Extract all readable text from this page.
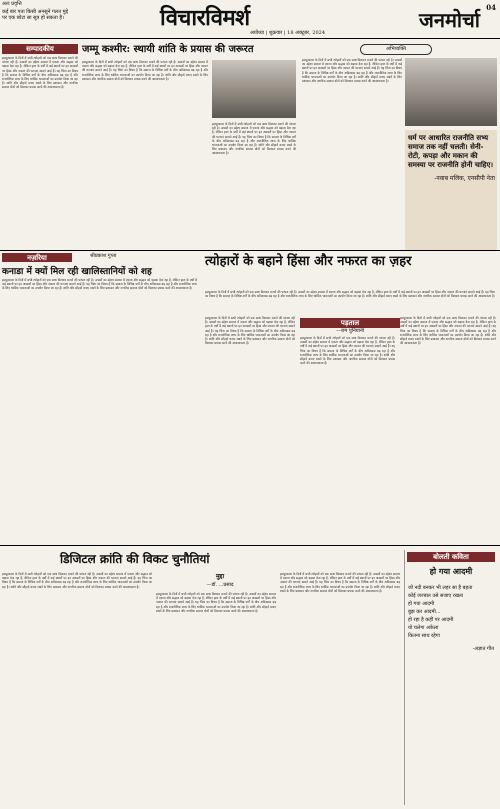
अतः प्रवृत्ति
कई बार पता किसी अनसुने गलत मुद्दे पर एक छोटा सा सूत्र हो सकता है।	विचारविमर्श	जनमोर्चा
04
अयोध्या | शुक्रवार | 18 अक्टूबर, 2024
सम्पादकीय
इसपुरकाल के दिनों में सभी त्योहारों को एक साथ मिलकर मनाने की परंपरा रही है। उत्सवों का उद्देश्य समाज में एकता और सद्भाव को बढ़ावा देना रहा है, लेकिन हाल के वर्षों में कई स्थानों पर इन अवसरों पर हिंसा और नफरत की घटनाएं सामने आई हैं। यह चिंता का विषय है कि समाज के विभिन्न वर्गों के बीच अविश्वास बढ़ रहा है और राजनीतिक लाभ के लिए धार्मिक भावनाओं का उपयोग किया जा रहा है। शांति और सौहार्द बनाए रखने के लिए प्रशासन और नागरिक समाज दोनों को मिलकर प्रयास करने की आवश्यकता है।
जम्मू कश्मीर: स्थायी शांति के प्रयास की जरूरत
इसपुरकाल के दिनों में सभी त्योहारों को एक साथ मिलकर मनाने की परंपरा रही है। उत्सवों का उद्देश्य समाज में एकता और सद्भाव को बढ़ावा देना रहा है, लेकिन हाल के वर्षों में कई स्थानों पर इन अवसरों पर हिंसा और नफरत की घटनाएं सामने आई हैं। यह चिंता का विषय है कि समाज के विभिन्न वर्गों के बीच अविश्वास बढ़ रहा है और राजनीतिक लाभ के लिए धार्मिक भावनाओं का उपयोग किया जा रहा है। शांति और सौहार्द बनाए रखने के लिए प्रशासन और नागरिक समाज दोनों को मिलकर प्रयास करने की आवश्यकता है।
इसपुरकाल के दिनों में सभी त्योहारों को एक साथ मिलकर मनाने की परंपरा रही है। उत्सवों का उद्देश्य समाज में एकता और सद्भाव को बढ़ावा देना रहा है, लेकिन हाल के वर्षों में कई स्थानों पर इन अवसरों पर हिंसा और नफरत की घटनाएं सामने आई हैं। यह चिंता का विषय है कि समाज के विभिन्न वर्गों के बीच अविश्वास बढ़ रहा है और राजनीतिक लाभ के लिए धार्मिक भावनाओं का उपयोग किया जा रहा है। शांति और सौहार्द बनाए रखने के लिए प्रशासन और नागरिक समाज दोनों को मिलकर प्रयास करने की आवश्यकता है।
अभिव्यक्ति
इसपुरकाल के दिनों में सभी त्योहारों को एक साथ मिलकर मनाने की परंपरा रही है। उत्सवों का उद्देश्य समाज में एकता और सद्भाव को बढ़ावा देना रहा है, लेकिन हाल के वर्षों में कई स्थानों पर इन अवसरों पर हिंसा और नफरत की घटनाएं सामने आई हैं। यह चिंता का विषय है कि समाज के विभिन्न वर्गों के बीच अविश्वास बढ़ रहा है और राजनीतिक लाभ के लिए धार्मिक भावनाओं का उपयोग किया जा रहा है। शांति और सौहार्द बनाए रखने के लिए प्रशासन और नागरिक समाज दोनों को मिलकर प्रयास करने की आवश्यकता है।
धर्म पर आधारित राजनीति सभ्य समाज तक नहीं चलती। सेनी-रोटी, कपड़ा और मकान की समस्या पर राजनीति होनी चाहिए।
-नवाब मलिक, एनसीपी नेता
नज़रिया	श्रीप्रकाश गुप्ता
कनाडा में क्यों मिल रही खालिस्तानियों को शह
इसपुरकाल के दिनों में सभी त्योहारों को एक साथ मिलकर मनाने की परंपरा रही है। उत्सवों का उद्देश्य समाज में एकता और सद्भाव को बढ़ावा देना रहा है, लेकिन हाल के वर्षों में कई स्थानों पर इन अवसरों पर हिंसा और नफरत की घटनाएं सामने आई हैं। यह चिंता का विषय है कि समाज के विभिन्न वर्गों के बीच अविश्वास बढ़ रहा है और राजनीतिक लाभ के लिए धार्मिक भावनाओं का उपयोग किया जा रहा है। शांति और सौहार्द बनाए रखने के लिए प्रशासन और नागरिक समाज दोनों को मिलकर प्रयास करने की आवश्यकता है।
त्योहारों के बहाने हिंसा और नफरत का ज़हर
इसपुरकाल के दिनों में सभी त्योहारों को एक साथ मिलकर मनाने की परंपरा रही है। उत्सवों का उद्देश्य समाज में एकता और सद्भाव को बढ़ावा देना रहा है, लेकिन हाल के वर्षों में कई स्थानों पर इन अवसरों पर हिंसा और नफरत की घटनाएं सामने आई हैं। यह चिंता का विषय है कि समाज के विभिन्न वर्गों के बीच अविश्वास बढ़ रहा है और राजनीतिक लाभ के लिए धार्मिक भावनाओं का उपयोग किया जा रहा है। शांति और सौहार्द बनाए रखने के लिए प्रशासन और नागरिक समाज दोनों को मिलकर प्रयास करने की आवश्यकता है।
इसपुरकाल के दिनों में सभी त्योहारों को एक साथ मिलकर मनाने की परंपरा रही है। उत्सवों का उद्देश्य समाज में एकता और सद्भाव को बढ़ावा देना रहा है, लेकिन हाल के वर्षों में कई स्थानों पर इन अवसरों पर हिंसा और नफरत की घटनाएं सामने आई हैं। यह चिंता का विषय है कि समाज के विभिन्न वर्गों के बीच अविश्वास बढ़ रहा है और राजनीतिक लाभ के लिए धार्मिक भावनाओं का उपयोग किया जा रहा है। शांति और सौहार्द बनाए रखने के लिए प्रशासन और नागरिक समाज दोनों को मिलकर प्रयास करने की आवश्यकता है।
पड़ताल
—राम पुनियानी
इसपुरकाल के दिनों में सभी त्योहारों को एक साथ मिलकर मनाने की परंपरा रही है। उत्सवों का उद्देश्य समाज में एकता और सद्भाव को बढ़ावा देना रहा है, लेकिन हाल के वर्षों में कई स्थानों पर इन अवसरों पर हिंसा और नफरत की घटनाएं सामने आई हैं। यह चिंता का विषय है कि समाज के विभिन्न वर्गों के बीच अविश्वास बढ़ रहा है और राजनीतिक लाभ के लिए धार्मिक भावनाओं का उपयोग किया जा रहा है। शांति और सौहार्द बनाए रखने के लिए प्रशासन और नागरिक समाज दोनों को मिलकर प्रयास करने की आवश्यकता है।
इसपुरकाल के दिनों में सभी त्योहारों को एक साथ मिलकर मनाने की परंपरा रही है। उत्सवों का उद्देश्य समाज में एकता और सद्भाव को बढ़ावा देना रहा है, लेकिन हाल के वर्षों में कई स्थानों पर इन अवसरों पर हिंसा और नफरत की घटनाएं सामने आई हैं। यह चिंता का विषय है कि समाज के विभिन्न वर्गों के बीच अविश्वास बढ़ रहा है और राजनीतिक लाभ के लिए धार्मिक भावनाओं का उपयोग किया जा रहा है। शांति और सौहार्द बनाए रखने के लिए प्रशासन और नागरिक समाज दोनों को मिलकर प्रयास करने की आवश्यकता है।
डिजिटल क्रांति की विकट चुनौतियां
मुद्दा
—डॉ. ...प्रसाद
इसपुरकाल के दिनों में सभी त्योहारों को एक साथ मिलकर मनाने की परंपरा रही है। उत्सवों का उद्देश्य समाज में एकता और सद्भाव को बढ़ावा देना रहा है, लेकिन हाल के वर्षों में कई स्थानों पर इन अवसरों पर हिंसा और नफरत की घटनाएं सामने आई हैं। यह चिंता का विषय है कि समाज के विभिन्न वर्गों के बीच अविश्वास बढ़ रहा है और राजनीतिक लाभ के लिए धार्मिक भावनाओं का उपयोग किया जा रहा है। शांति और सौहार्द बनाए रखने के लिए प्रशासन और नागरिक समाज दोनों को मिलकर प्रयास करने की आवश्यकता है।
इसपुरकाल के दिनों में सभी त्योहारों को एक साथ मिलकर मनाने की परंपरा रही है। उत्सवों का उद्देश्य समाज में एकता और सद्भाव को बढ़ावा देना रहा है, लेकिन हाल के वर्षों में कई स्थानों पर इन अवसरों पर हिंसा और नफरत की घटनाएं सामने आई हैं। यह चिंता का विषय है कि समाज के विभिन्न वर्गों के बीच अविश्वास बढ़ रहा है और राजनीतिक लाभ के लिए धार्मिक भावनाओं का उपयोग किया जा रहा है। शांति और सौहार्द बनाए रखने के लिए प्रशासन और नागरिक समाज दोनों को मिलकर प्रयास करने की आवश्यकता है।
इसपुरकाल के दिनों में सभी त्योहारों को एक साथ मिलकर मनाने की परंपरा रही है। उत्सवों का उद्देश्य समाज में एकता और सद्भाव को बढ़ावा देना रहा है, लेकिन हाल के वर्षों में कई स्थानों पर इन अवसरों पर हिंसा और नफरत की घटनाएं सामने आई हैं। यह चिंता का विषय है कि समाज के विभिन्न वर्गों के बीच अविश्वास बढ़ रहा है और राजनीतिक लाभ के लिए धार्मिक भावनाओं का उपयोग किया जा रहा है। शांति और सौहार्द बनाए रखने के लिए प्रशासन और नागरिक समाज दोनों को मिलकर प्रयास करने की आवश्यकता है।
बोलती कविता
हो गया आदमी
जो नदी बनकर भी लहर सा है बहता
कोई जज्बात उसे सजाए रखता
हो गया आदमी
बुझ कर आदमी...
हो रहा है कहीं पर आदमी
यो चलेगा अकेला
कितना साथ रहेगा
-अज्ञात गीत
